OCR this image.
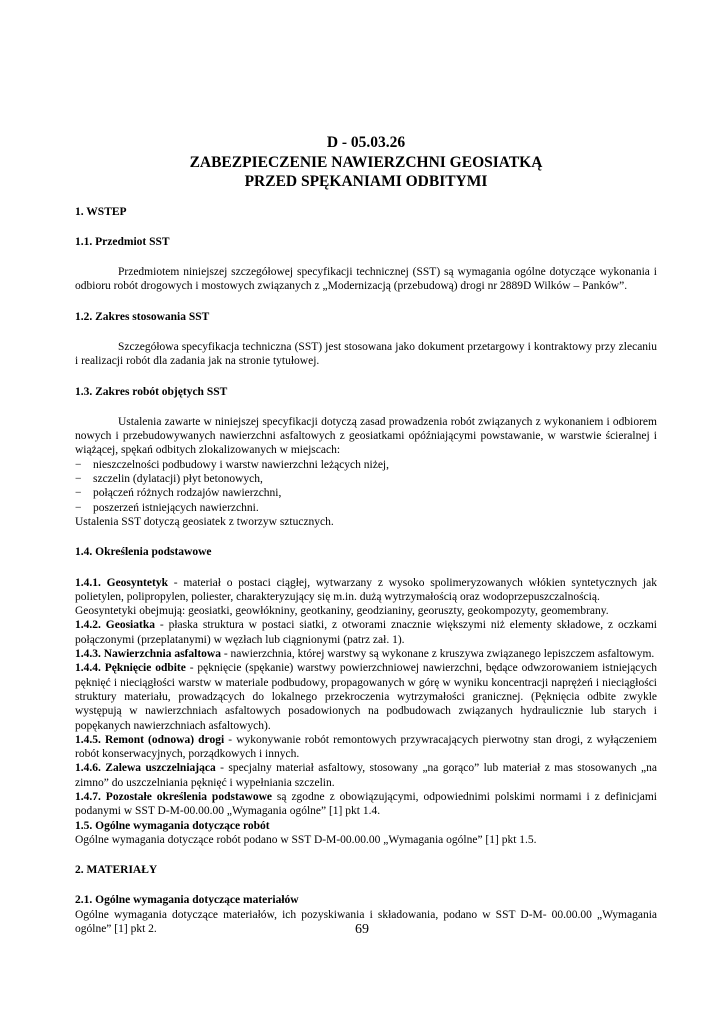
D - 05.03.26

ZABEZPIECZENIE NAWIERZCHNI GEOSIATKĄ

PRZED SPĘKANIAMI ODBITYMI

1. WSTEP

1.1. Przedmiot SST

Przedmiotem niniejszej szczegółowej specyfikacji technicznej (SST) są wymagania ogólne dotyczące wykonania i odbioru robót drogowych i mostowych związanych z „Modernizacją (przebudową) drogi nr 2889D Wilków – Panków”.

1.2. Zakres stosowania SST

Szczegółowa specyfikacja techniczna (SST) jest stosowana jako dokument przetargowy i kontraktowy przy zlecaniu i realizacji robót dla zadania jak na stronie tytułowej.

1.3. Zakres robót objętych SST

Ustalenia zawarte w niniejszej specyfikacji dotyczą zasad prowadzenia robót związanych z wykonaniem i odbiorem nowych i przebudowywanych nawierzchni asfaltowych z geosiatkami opóźniającymi powstawanie, w warstwie ścieralnej i wiążącej, spękań odbitych zlokalizowanych w miejscach:

− nieszczelności podbudowy i warstw nawierzchni leżących niżej,
− szczelin (dylatacji) płyt betonowych,
− połączeń różnych rodzajów nawierzchni,
− poszerzeń istniejących nawierzchni.

Ustalenia SST dotyczą geosiatek z tworzyw sztucznych.

1.4. Określenia podstawowe

1.4.1. Geosyntetyk - materiał o postaci ciągłej, wytwarzany z wysoko spolimeryzowanych włókien syntetycznych jak polietylen, polipropylen, poliester, charakteryzujący się m.in. dużą wytrzymałością oraz wodoprzepuszczalnością.

Geosyntetyki obejmują: geosiatki, geowłókniny, geotkaniny, geodzianiny, georuszty, geokompozyty, geomembrany.

1.4.2. Geosiatka - płaska struktura w postaci siatki, z otworami znacznie większymi niż elementy składowe, z oczkami połączonymi (przeplatanymi) w węzłach lub ciągnionymi (patrz zał. 1).

1.4.3. Nawierzchnia asfaltowa - nawierzchnia, której warstwy są wykonane z kruszywa związanego lepiszczem asfaltowym.

1.4.4. Pęknięcie odbite - pęknięcie (spękanie) warstwy powierzchniowej nawierzchni, będące odwzorowaniem istniejących pęknięć i nieciągłości warstw w materiale podbudowy, propagowanych w górę w wyniku koncentracji naprężeń i nieciągłości struktury materiału, prowadzących do lokalnego przekroczenia wytrzymałości granicznej. (Pęknięcia odbite zwykle występują w nawierzchniach asfaltowych posadowionych na podbudowach związanych hydraulicznie lub starych i popękanych nawierzchniach asfaltowych).

1.4.5. Remont (odnowa) drogi - wykonywanie robót remontowych przywracających pierwotny stan drogi, z wyłączeniem robót konserwacyjnych, porządkowych i innych.

1.4.6. Zalewa uszczelniająca - specjalny materiał asfaltowy, stosowany „na gorąco” lub materiał z mas stosowanych „na zimno” do uszczelniania pęknięć i wypełniania szczelin.

1.4.7. Pozostałe określenia podstawowe są zgodne z obowiązującymi, odpowiednimi polskimi normami i z definicjami podanymi w SST D-M-00.00.00 „Wymagania ogólne” [1] pkt 1.4.

1.5. Ogólne wymagania dotyczące robót

Ogólne wymagania dotyczące robót podano w SST D-M-00.00.00 „Wymagania ogólne” [1] pkt 1.5.

2. MATERIAŁY

2.1. Ogólne wymagania dotyczące materiałów

Ogólne wymagania dotyczące materiałów, ich pozyskiwania i składowania, podano w SST D-M- 00.00.00 „Wymagania ogólne” [1] pkt 2.	69
